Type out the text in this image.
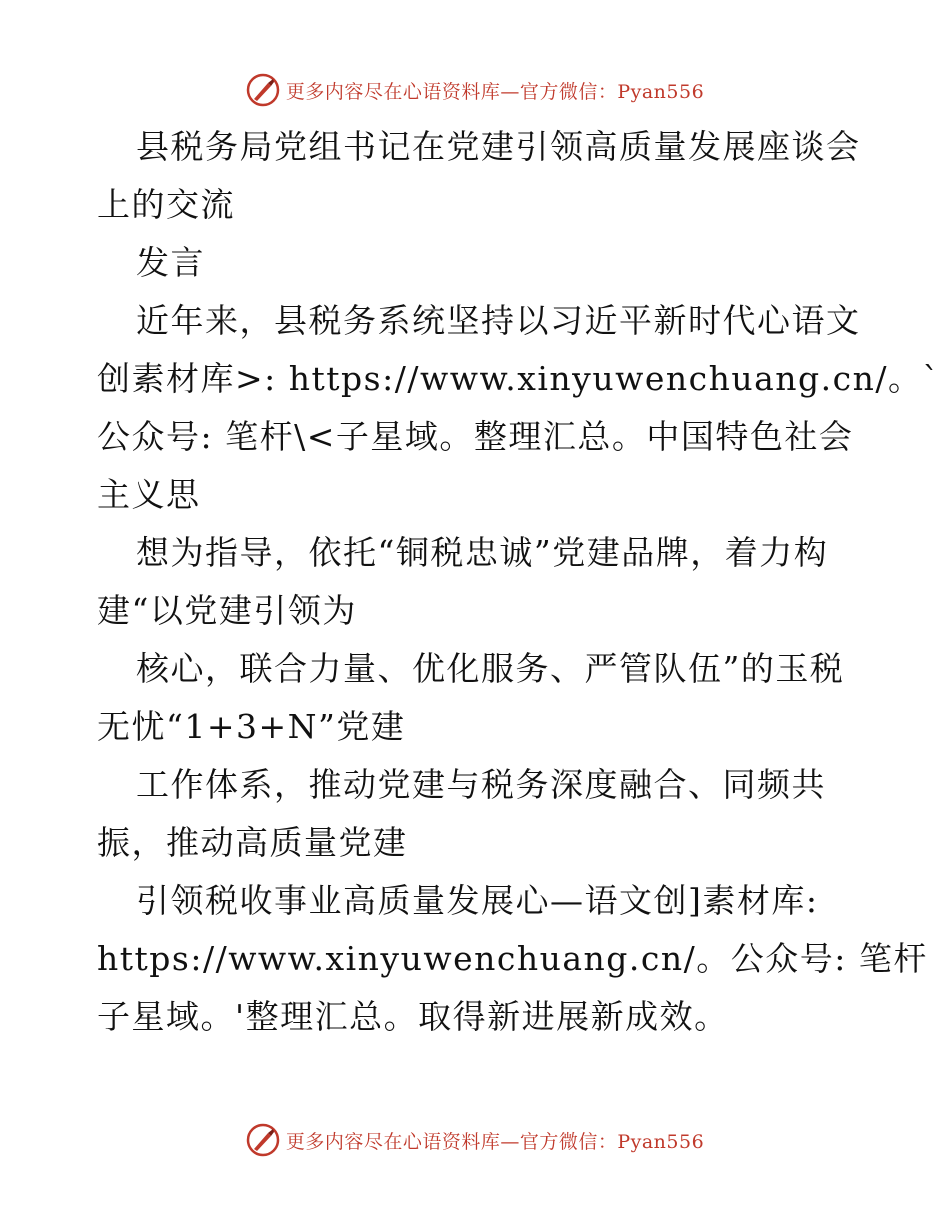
更多内容尽在心语资料库—官方微信：Pyan556
县税务局党组书记在党建引领高质量发展座谈会
上的交流
发言
近年来，县税务系统坚持以习近平新时代心语文
创素材库>: https://www.xinyuwenchuang.cn/。`
公众号: 笔杆\<子星域。整理汇总。中国特色社会
主义思
想为指导，依托“铜税忠诚”党建品牌，着力构
建“以党建引领为
核心，联合力量、优化服务、严管队伍”的玉税
无忧“1+3+N”党建
工作体系，推动党建与税务深度融合、同频共
振，推动高质量党建
引领税收事业高质量发展心—语文创]素材库:
https://www.xinyuwenchuang.cn/。公众号: 笔杆
子星域。'整理汇总。取得新进展新成效。
更多内容尽在心语资料库—官方微信：Pyan556
